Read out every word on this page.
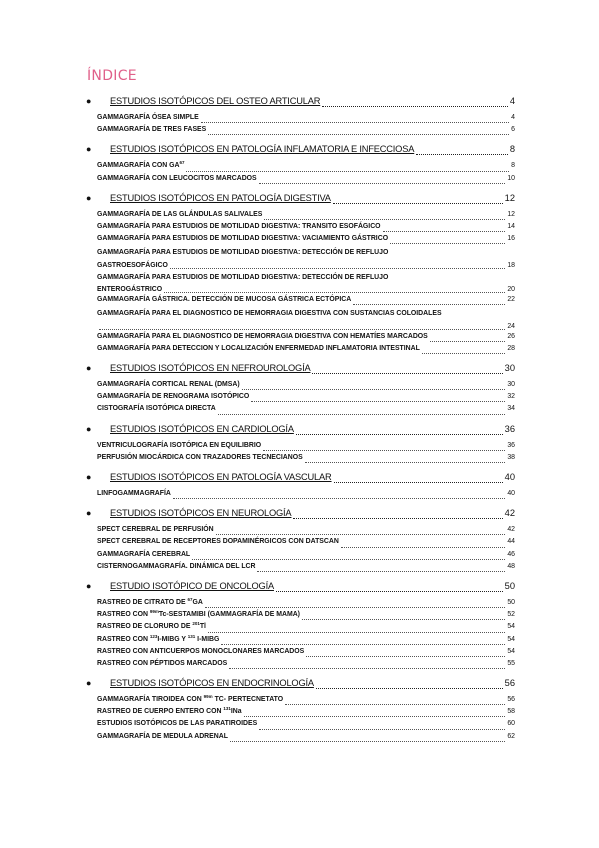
ÍNDICE
●	ESTUDIOS ISOTÓPICOS DEL OSTEO ARTICULAR	4
GAMMAGRAFÍA ÓSEA SIMPLE	4
GAMMAGRAFÍA DE TRES FASES	6
●	ESTUDIOS ISOTÓPICOS EN PATOLOGÍA INFLAMATORIA E INFECCIOSA	8
GAMMAGRAFÍA CON GA$^{67}$	8
GAMMAGRAFÍA CON LEUCOCITOS MARCADOS	10
●	ESTUDIOS ISOTÓPICOS EN PATOLOGÍA DIGESTIVA	12
GAMMAGRAFÍA DE LAS GLÁNDULAS SALIVALES	12
GAMMAGRAFÍA PARA ESTUDIOS DE MOTILIDAD DIGESTIVA: TRANSITO ESOFÁGICO	14
GAMMAGRAFÍA PARA ESTUDIOS DE MOTILIDAD DIGESTIVA: VACIAMIENTO GÁSTRICO	16
GAMMAGRAFÍA PARA ESTUDIOS DE MOTILIDAD DIGESTIVA: DETECCIÓN DE REFLUJO
GASTROESOFÁGICO	18
GAMMAGRAFÍA PARA ESTUDIOS DE MOTILIDAD DIGESTIVA: DETECCIÓN DE REFLUJO
ENTEROGÁSTRICO	20
GAMMAGRAFÍA GÁSTRICA. DETECCIÓN DE MUCOSA GÁSTRICA ECTÓPICA	22
GAMMAGRAFÍA PARA EL DIAGNOSTICO DE HEMORRAGIA DIGESTIVA CON SUSTANCIAS COLOIDALES
24
GAMMAGRAFÍA PARA EL DIAGNOSTICO DE HEMORRAGIA DIGESTIVA CON HEMATÍES MARCADOS	26
GAMMAGRAFÍA PARA DETECCION Y LOCALIZACIÓN ENFERMEDAD INFLAMATORIA INTESTINAL	28
●	ESTUDIOS ISOTÓPICOS EN NEFROUROLOGÍA	30
GAMMAGRAFÍA CORTICAL RENAL (DMSA)	30
GAMMAGRAFÍA DE RENOGRAMA ISOTÓPICO	32
CISTOGRAFÍA ISOTÓPICA DIRECTA	34
●	ESTUDIOS ISOTÓPICOS EN CARDIOLOGÍA	36
VENTRICULOGRAFÍA ISOTÓPICA EN EQUILIBRIO	36
PERFUSIÓN MIOCÁRDICA CON TRAZADORES TECNECIANOS	38
●	ESTUDIOS ISOTÓPICOS EN PATOLOGÍA VASCULAR	40
LINFOGAMMAGRAFÍA	40
●	ESTUDIOS ISOTÓPICOS EN NEUROLOGÍA	42
SPECT CEREBRAL DE PERFUSIÓN	42
SPECT CEREBRAL DE RECEPTORES DOPAMINÉRGICOS CON DATSCAN	44
GAMMAGRAFÍA CEREBRAL	46
CISTERNOGAMMAGRAFÍA. DINÁMICA DEL LCR	48
●	ESTUDIO ISOTÓPICO DE ONCOLOGÍA	50
RASTREO DE CITRATO DE $^{67}$GA	50
RASTREO CON $^{99m}$Tc-SESTAMIBI (GAMMAGRAFÍA DE MAMA)	52
RASTREO DE CLORURO DE $^{201}$Tl	54
RASTREO CON $^{123}$I-MIBG Y $^{131}$ I-MIBG	54
RASTREO CON ANTICUERPOS MONOCLONARES MARCADOS	54
RASTREO CON PÉPTIDOS MARCADOS	55
●	ESTUDIOS ISOTÓPICOS EN ENDOCRINOLOGÍA	56
GAMMAGRAFÍA TIROIDEA CON $^{99m}$ TC- PERTECNETATO	56
RASTREO DE CUERPO ENTERO CON $^{131}$INa	58
ESTUDIOS ISOTÓPICOS DE LAS PARATIROIDES	60
GAMMAGRAFÍA DE MEDULA ADRENAL	62
